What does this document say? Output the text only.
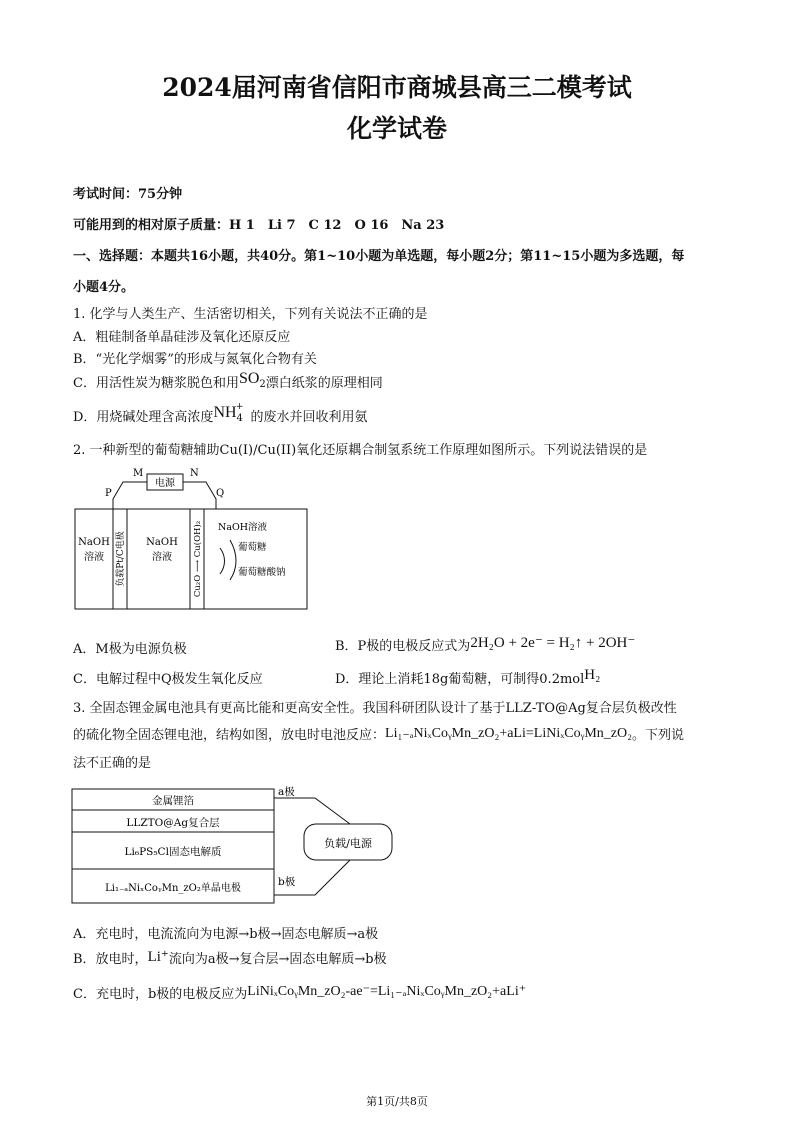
2024届河南省信阳市商城县高三二模考试
化学试卷
考试时间：75分钟
可能用到的相对原子质量：H 1　Li 7　C 12　O 16　Na 23
一、选择题：本题共16小题，共40分。第1~10小题为单选题，每小题2分；第11~15小题为多选题，每
小题4分。
1. 化学与人类生产、生活密切相关，下列有关说法不正确的是
A．粗硅制备单晶硅涉及氧化还原反应
B．“光化学烟雾”的形成与氮氧化合物有关
C．用活性炭为糖浆脱色和用SO2漂白纸浆的原理相同
D．用烧碱处理含高浓度NH4+的废水并回收利用氨
2. 一种新型的葡萄糖辅助Cu(I)/Cu(II)氧化还原耦合制氢系统工作原理如图所示。下列说法错误的是
电源
M	N
P	Q
NaOH
溶液
NaOH
溶液
负载Pt/C电极	Cu₂O ⟶ Cu(OH)₂ NaOH溶液
葡萄糖
葡萄糖酸钠
A．M极为电源负极	B．P极的电极反应式为2H₂O + 2e⁻ = H₂↑ + 2OH⁻
C．电解过程中Q极发生氧化反应	D．理论上消耗18g葡萄糖，可制得0.2molH₂
3. 全固态锂金属电池具有更高比能和更高安全性。我国科研团队设计了基于LLZ-TO@Ag复合层负极改性
的硫化物全固态锂电池，结构如图，放电时电池反应：Li₁₋ₐNiₓCoᵧMn_zO₂+aLi=LiNiₓCoᵧMn_zO₂。下列说
法不正确的是
金属锂箔
LLZTO@Ag复合层
Li₆PS₅Cl固态电解质
Li₁₋ₐNiₓCoᵧMn_zO₂单晶电极
a极
b极
负载/电源
A．充电时，电流流向为电源→b极→固态电解质→a极
B．放电时，Li⁺流向为a极→复合层→固态电解质→b极
C．充电时，b极的电极反应为LiNiₓCoᵧMn_zO₂-ae⁻=Li₁₋ₐNiₓCoᵧMn_zO₂+aLi⁺
第1页/共8页
